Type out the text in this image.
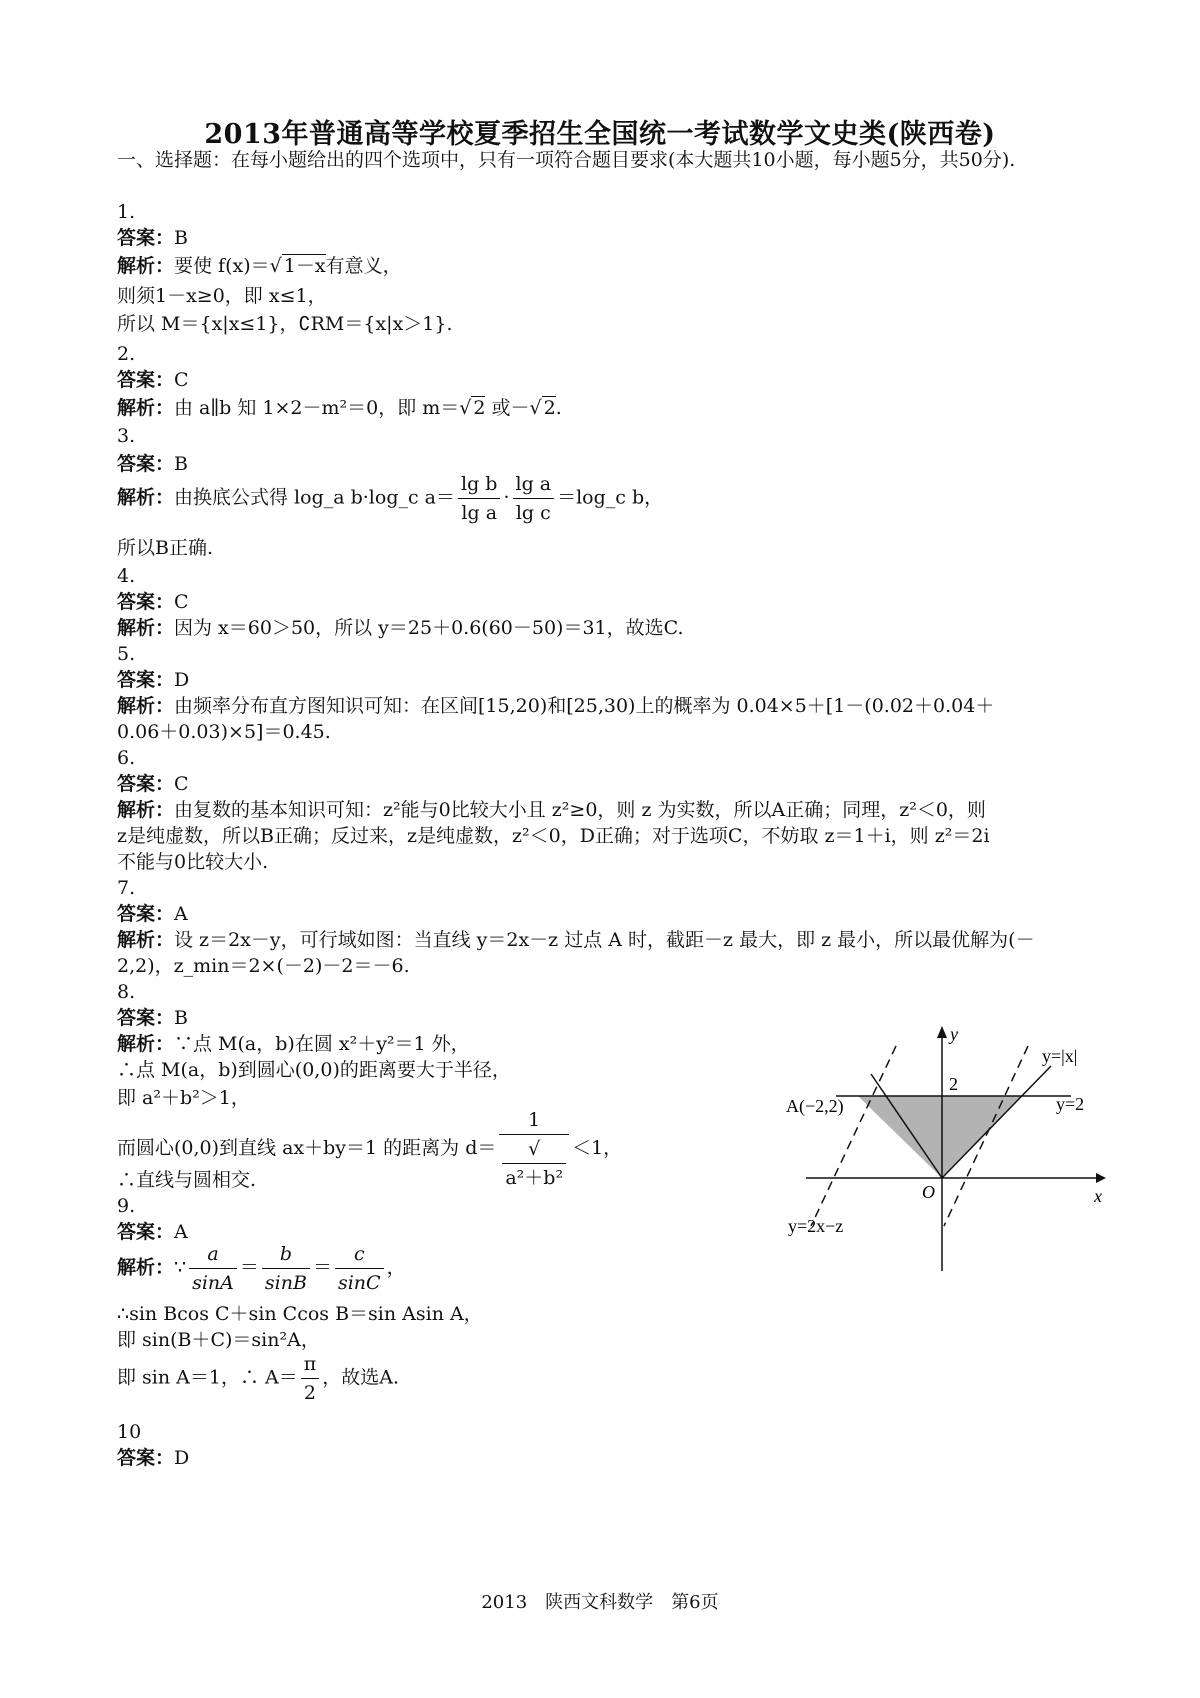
2013年普通高等学校夏季招生全国统一考试数学文史类(陕西卷)
一、选择题：在每小题给出的四个选项中，只有一项符合题目要求(本大题共10小题，每小题5分，共50分).
1.
答案：B
解析：要使 f(x)＝√ 1－x有意义，
则须1－x≥0，即 x≤1，
所以 M＝{x|x≤1}，∁RM＝{x|x＞1}.
2.
答案：C
解析：由 a∥b 知 1×2－m²＝0，即 m＝√ 2 或－√ 2.
3.
答案：B
解析：由换底公式得 log_a b·log_c $a= \frac{\text{lg b}}{\text{lg a}} \cdot \frac{\text{lg a}}{\text{lg c}}$ ＝log_c b，
所以B正确.
4.
答案：C
解析：因为 x＝60＞50，所以 y＝25＋0.6(60－50)＝31，故选C.
5.
答案：D
解析：由频率分布直方图知识可知：在区间[15,20)和[25,30)上的概率为 0.04×5＋[1－(0.02＋0.04＋
0.06＋0.03)×5]＝0.45.
6.
答案：C
解析：由复数的基本知识可知：z²能与0比较大小且 z²≥0，则 z 为实数，所以A正确；同理，z²＜0，则
z是纯虚数，所以B正确；反过来，z是纯虚数，z²＜0，D正确；对于选项C，不妨取 z＝1＋i，则 z²＝2i
不能与0比较大小.
7.
答案：A
解析：设 z＝2x－y，可行域如图：当直线 y＝2x－z 过点 A 时，截距－z 最大，即 z 最小，所以最优解为(－
2,2)，z_min＝2×(－2)－2＝－6.
8.
答案：B
解析：∵点 M(a，b)在圆 x²＋y²＝1 外，
∴点 M(a，b)到圆心(0,0)的距离要大于半径，
即 a²＋b²＞1，
而圆心(0,0)到直线 ax＋by＝1 的距离为 d＝ 1
√
a²＋b² ＜1，
∴直线与圆相交.
9.
答案：A
解析：∵ $\frac{a}{\sin A} = \frac{b}{\sin B} = \frac{c}{\sin C}$ ，
∴sin Bcos C＋sin Ccos B＝sin Asin A，
即 sin(B＋C)＝sin²A，
即 sin A＝1，∴ $A= \frac{\pi}{2}$ ，故选A.
10
答案：D
y
x
O
2
A(−2,2)
y=|x|
y=2
y=2x−z
2013　陕西文科数学　第6页
